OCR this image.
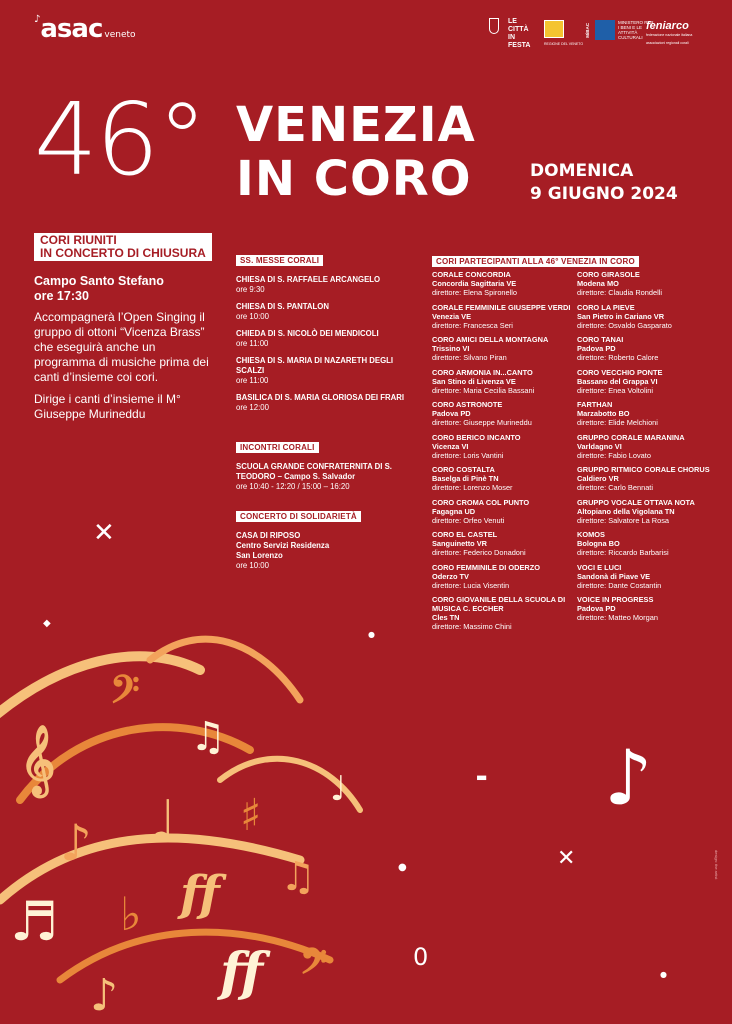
♪asac veneto
LE CITTÀ IN FESTA	REGIONE DEL VENETO
MiBAC
MINISTERO PER I BENI E LE ATTIVITÀ CULTURALI
feniarco
federazione nazionale italiana associazioni regionali corali
46° VENEZIA
IN CORO	DOMENICA
9 GIUGNO 2024
CORI RIUNITI
IN CONCERTO DI CHIUSURA
Campo Santo Stefano
ore 17:30

Accompagnerà l’Open Singing il gruppo di ottoni “Vicenza Brass” che eseguirà anche un programma di musiche prima dei canti d’insieme coi cori.

Dirige i canti d’insieme il M° Giuseppe Murineddu

SS. MESSE CORALI
CHIESA DI S. RAFFAELE ARCANGELO
ore 9:30
CHIESA DI S. PANTALON
ore 10:00
CHIEDA DI S. NICOLÒ DEI MENDICOLI
ore 11:00
CHIESA DI S. MARIA DI NAZARETH DEGLI SCALZI
ore 11:00
BASILICA DI S. MARIA GLORIOSA DEI FRARI
ore 12:00
INCONTRI CORALI
SCUOLA GRANDE CONFRATERNITA DI S. TEODORO – Campo S. Salvador
ore 10:40 - 12:20 / 15:00 – 16:20
CONCERTO DI SOLIDARIETÀ
CASA DI RIPOSO
Centro Servizi Residenza
San Lorenzo
ore 10:00
CORI PARTECIPANTI ALLA 46° VENEZIA IN CORO
CORALE CONCORDIA
Concordia Sagittaria VE
direttore: Elena Spironello
CORALE FEMMINILE GIUSEPPE VERDI
Venezia VE
direttore: Francesca Seri
CORO AMICI DELLA MONTAGNA
Trissino VI
direttore: Silvano Piran
CORO ARMONIA IN...CANTO
San Stino di Livenza VE
direttore: Maria Cecilia Bassani
CORO ASTRONOTE
Padova PD
direttore: Giuseppe Murineddu
CORO BERICO INCANTO
Vicenza VI
direttore: Loris Vantini
CORO COSTALTA
Baselga di Pinè TN
direttore: Lorenzo Moser
CORO CROMA COL PUNTO
Fagagna UD
direttore: Orfeo Venuti
CORO EL CASTEL
Sanguinetto VR
direttore: Federico Donadoni
CORO FEMMINILE DI ODERZO
Oderzo TV
direttore: Lucia Visentin
CORO GIOVANILE DELLA SCUOLA DI MUSICA C. ECCHER
Cles TN
direttore: Massimo Chini
CORO GIRASOLE
Modena MO
direttore: Claudia Rondelli
CORO LA PIEVE
San Pietro in Cariano VR
direttore: Osvaldo Gasparato
CORO TANAI
Padova PD
direttore: Roberto Calore
CORO VECCHIO PONTE
Bassano del Grappa VI
direttore: Enea Voltolini
FARTHAN
Marzabotto BO
direttore: Elide Melchioni
GRUPPO CORALE MARANINA
Varldagno VI
direttore: Fabio Lovato
GRUPPO RITMICO CORALE CHORUS
Caldiero VR
direttore: Carlo Bennati
GRUPPO VOCALE OTTAVA NOTA
Altopiano della Vigolana TN
direttore: Salvatore La Rosa
KOMOS
Bologna BO
direttore: Riccardo Barbarisi
VOCI E LUCI
Sandonà di Piave VE
direttore: Dante Costantin
VOICE IN PROGRESS
Padova PD
direttore: Matteo Morgan
𝄞
𝄢
♫
♪ ♩ ♯
♬ ♭ ff ♫
ff
♪
𝄢
♩
✕
◆
●
▬
●	✕
0
●
♪
design: the artist
